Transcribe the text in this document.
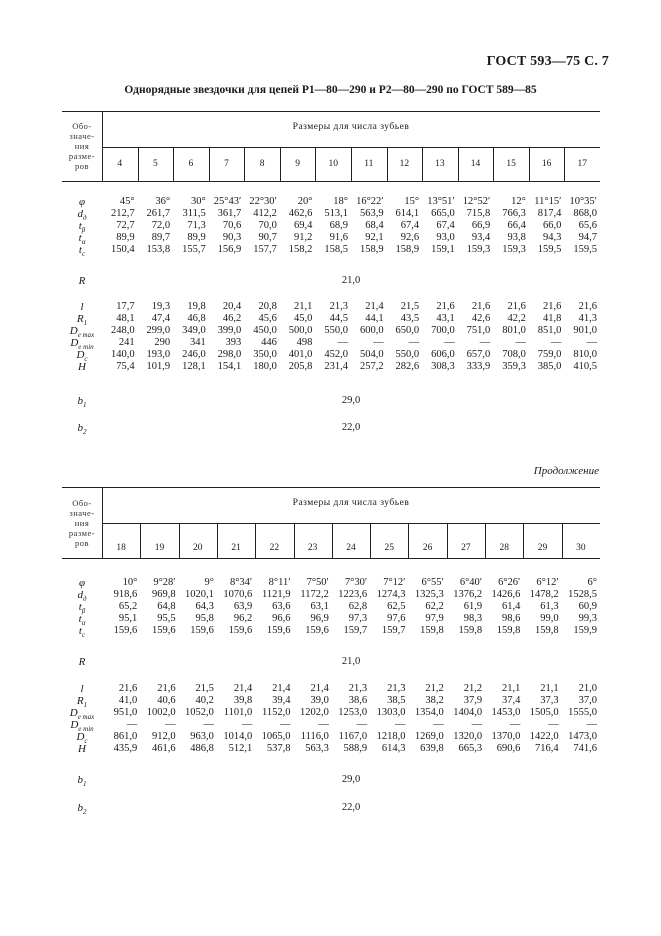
ГОСТ 593—75 С. 7
Однорядные звездочки для цепей Р1—80—290 и Р2—80—290 по ГОСТ 589—85
Обо-
значе-
ния
разме-
ров
Размеры для числа зубьев
4	5	6	7	8	9	10	11	12	13	14	15	16	17
φ	45°	36°	30° 25°43′ 22°30′	20°	18° 16°22′	15° 13°51′ 12°52′	12° 11°15′ 10°35′
$d_д$	212,7	261,7	311,5	361,7	412,2	462,6	513,1	563,9	614,1	665,0	715,8	766,3	817,4	868,0
$t_\beta$	72,7	72,0	71,3	70,6	70,0	69,4	68,9	68,4	67,4	67,4	66,9	66,4	66,0	65,6
$t_\alpha$	89,9	89,7	89,9	90,3	90,7	91,2	91,6	92,1	92,6	93,0	93,4	93,8	94,3	94,7
$t_c$	150,4	153,8	155,7	156,9	157,7	158,2	158,5	158,9	158,9	159,1	159,3	159,3	159,5	159,5
R	21,0
l	17,7	19,3	19,8	20,4	20,8	21,1	21,3	21,4	21,5	21,6	21,6	21,6	21,6	21,6
$R_1$	48,1	47,4	46,8	46,2	45,6	45,0	44,5	44,1	43,5	43,1	42,6	42,2	41,8	41,3
$D_{e max}$	248,0	299,0	349,0	399,0	450,0	500,0	550,0	600,0	650,0	700,0	751,0	801,0	851,0	901,0
$D_{e min}$	241	290	341	393	446	498	—	—	—	—	—	—	—	—
$D_c$	140,0	193,0	246,0	298,0	350,0	401,0	452,0	504,0	550,0	606,0	657,0	708,0	759,0	810,0
H	75,4	101,9	128,1	154,1	180,0	205,8	231,4	257,2	282,6	308,3	333,9	359,3	385,0	410,5
$b_1$	29,0
$b_2$	22,0
Продолжение
Обо-
значе-
ния
разме-
ров
Размеры для числа зубьев
18	19	20	21	22	23	24	25	26	27	28	29	30
φ	10°	9°28′	9°	8°34′	8°11′	7°50′	7°30′	7°12′	6°55′	6°40′	6°26′	6°12′	6°
$d_д$	918,6	969,8 1020,1 1070,6 1121,9 1172,2 1223,6 1274,3 1325,3 1376,2 1426,6 1478,2 1528,5
$t_\beta$	65,2	64,8	64,3	63,9	63,6	63,1	62,8	62,5	62,2	61,9	61,4	61,3	60,9
$t_\alpha$	95,1	95,5	95,8	96,2	96,6	96,9	97,3	97,6	97,9	98,3	98,6	99,0	99,3
$t_c$	159,6	159,6	159,6	159,6	159,6	159,6	159,7	159,7	159,8	159,8	159,8	159,8	159,9
R	21,0
l	21,6	21,6	21,5	21,4	21,4	21,4	21,3	21,3	21,2	21,2	21,1	21,1	21,0
$R_1$	41,0	40,6	40,2	39,8	39,4	39,0	38,6	38,5	38,2	37,9	37,4	37,3	37,0
$D_{e max}$	951,0 1002,0 1052,0 1101,0 1152,0 1202,0 1253,0 1303,0 1354,0 1404,0 1453,0 1505,0 1555,0
$D_{e min}$	—	—	—	—	—	—	—	—	—	—	—	—	—
$D_c$	861,0	912,0	963,0 1014,0 1065,0 1116,0 1167,0 1218,0 1269,0 1320,0 1370,0 1422,0 1473,0
H	435,9	461,6	486,8	512,1	537,8	563,3	588,9	614,3	639,8	665,3	690,6	716,4	741,6
$b_1$	29,0
$b_2$	22,0
